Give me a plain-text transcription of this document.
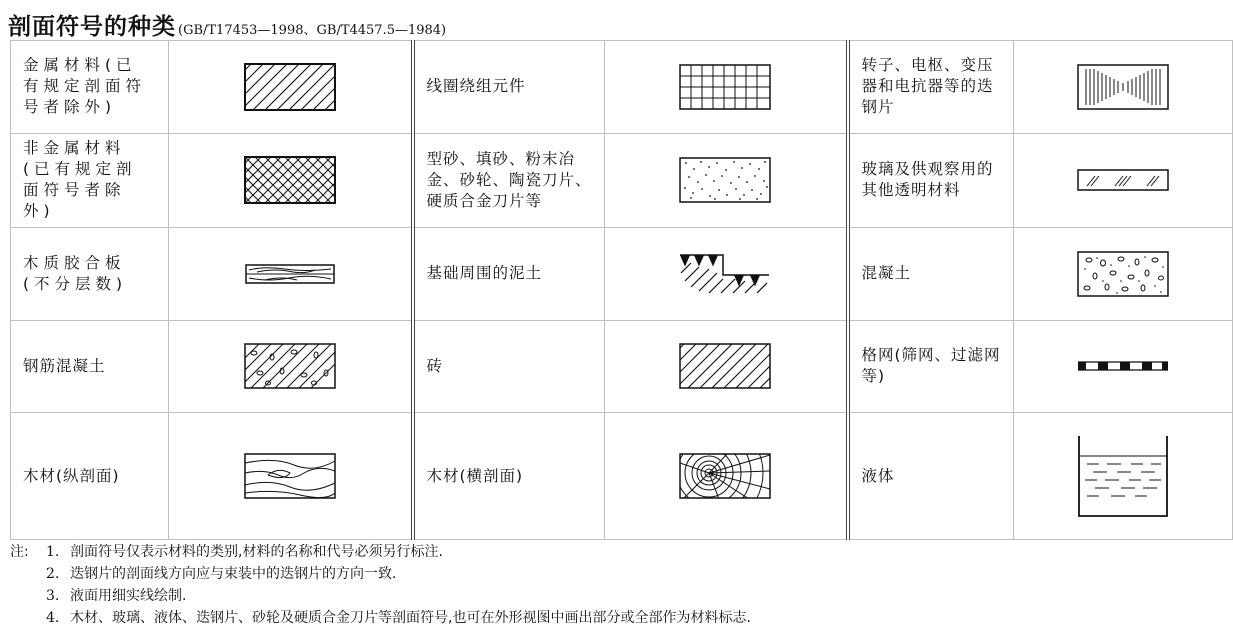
剖面符号的种类 (GB/T17453—1998、GB/T4457.5—1984)
金属材料(已有规定剖面符号者除外)		线圈绕组元件		转子、电枢、变压器和电抗器等的迭钢片	

非金属材料(已有规定剖面符号者除外)		型砂、填砂、粉末冶金、砂轮、陶瓷刀片、硬质合金刀片等		玻璃及供观察用的其他透明材料	

木质胶合板(不分层数)		基础周围的泥土		混凝土	

钢筋混凝土		砖		格网(筛网、过滤网等)	

木材(纵剖面)		木材(横剖面)		液体	
注: 1. 剖面符号仅表示材料的类别,材料的名称和代号必须另行标注.
2. 迭钢片的剖面线方向应与束装中的迭钢片的方向一致.
3. 液面用细实线绘制.
4. 木材、玻璃、液体、迭钢片、砂轮及硬质合金刀片等剖面符号,也可在外形视图中画出部分或全部作为材料标志.
